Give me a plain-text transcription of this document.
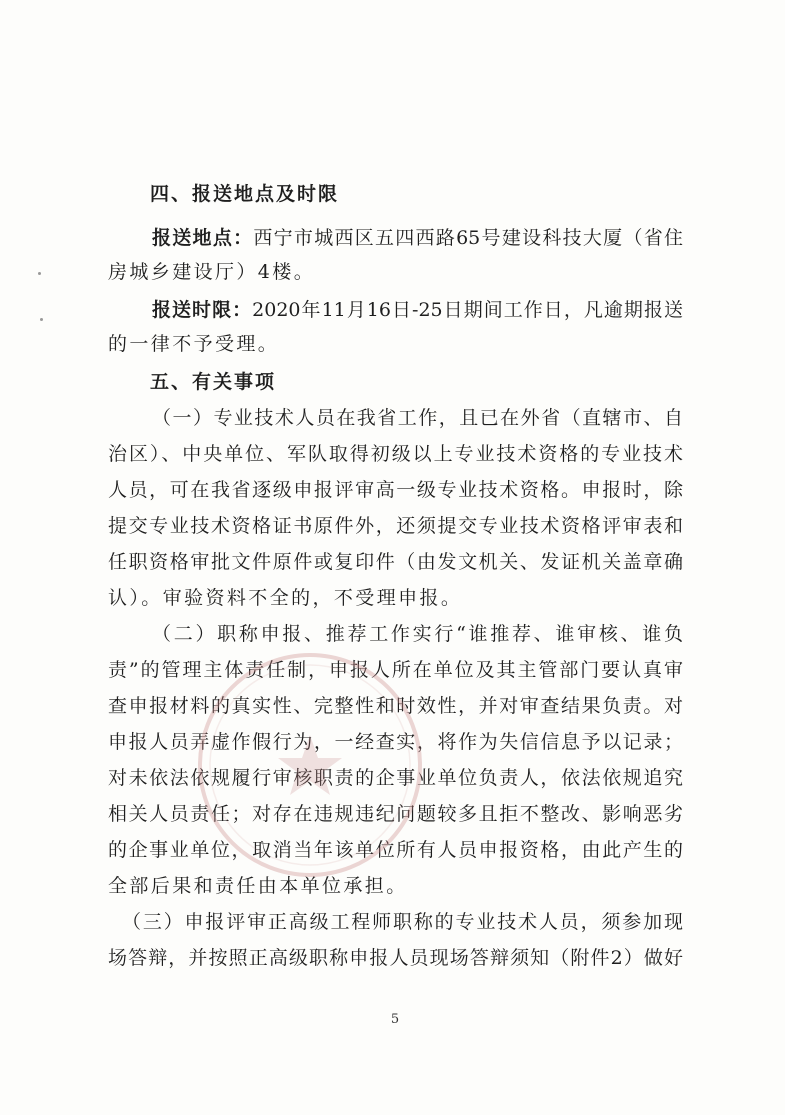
四、报送地点及时限
报送地点：西宁市城西区五四西路65号建设科技大厦（省住
房城乡建设厅）4楼。
报送时限：2020年11月16日-25日期间工作日，凡逾期报送
的一律不予受理。
五、有关事项
（一）专业技术人员在我省工作，且已在外省（直辖市、自
治区）、中央单位、军队取得初级以上专业技术资格的专业技术
人员，可在我省逐级申报评审高一级专业技术资格。申报时，除
提交专业技术资格证书原件外，还须提交专业技术资格评审表和
任职资格审批文件原件或复印件（由发文机关、发证机关盖章确
认）。审验资料不全的，不受理申报。
（二）职称申报、推荐工作实行“谁推荐、谁审核、谁负
责”的管理主体责任制，申报人所在单位及其主管部门要认真审
查申报材料的真实性、完整性和时效性，并对审查结果负责。对
申报人员弄虚作假行为，一经查实，将作为失信信息予以记录；
对未依法依规履行审核职责的企事业单位负责人，依法依规追究
相关人员责任；对存在违规违纪问题较多且拒不整改、影响恶劣
的企事业单位，取消当年该单位所有人员申报资格，由此产生的
全部后果和责任由本单位承担。
（三）申报评审正高级工程师职称的专业技术人员，须参加现
场答辩，并按照正高级职称申报人员现场答辩须知（附件2）做好
5
